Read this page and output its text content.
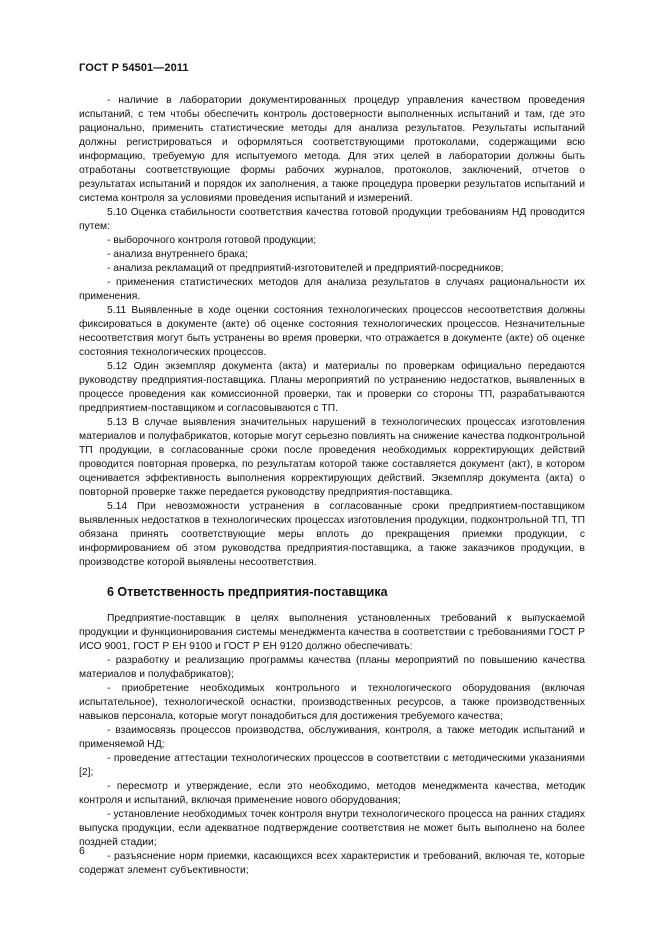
ГОСТ Р 54501—2011

- наличие в лаборатории документированных процедур управления качеством проведения испытаний, с тем чтобы обеспечить контроль достоверности выполненных испытаний и там, где это рационально, применить статистические методы для анализа результатов. Результаты испытаний должны регистрироваться и оформляться соответствующими протоколами, содержащими всю информацию, требуемую для испытуемого метода. Для этих целей в лаборатории должны быть отработаны соответствующие формы рабочих журналов, протоколов, заключений, отчетов о результатах испытаний и порядок их заполнения, а также процедура проверки результатов испытаний и система контроля за условиями проведения испытаний и измерений.

5.10 Оценка стабильности соответствия качества готовой продукции требованиям НД проводится путем:

- выборочного контроля готовой продукции;

- анализа внутреннего брака;

- анализа рекламаций от предприятий-изготовителей и предприятий-посредников;

- применения статистических методов для анализа результатов в случаях рациональности их применения.

5.11 Выявленные в ходе оценки состояния технологических процессов несоответствия должны фиксироваться в документе (акте) об оценке состояния технологических процессов. Незначительные несоответствия могут быть устранены во время проверки, что отражается в документе (акте) об оценке состояния технологических процессов.

5.12 Один экземпляр документа (акта) и материалы по проверкам официально передаются руководству предприятия-поставщика. Планы мероприятий по устранению недостатков, выявленных в процессе проведения как комиссионной проверки, так и проверки со стороны ТП, разрабатываются предприятием-поставщиком и согласовываются с ТП.

5.13 В случае выявления значительных нарушений в технологических процессах изготовления материалов и полуфабрикатов, которые могут серьезно повлиять на снижение качества подконтрольной ТП продукции, в согласованные сроки после проведения необходимых корректирующих действий проводится повторная проверка, по результатам которой также составляется документ (акт), в котором оценивается эффективность выполнения корректирующих действий. Экземпляр документа (акта) о повторной проверке также передается руководству предприятия-поставщика.

5.14 При невозможности устранения в согласованные сроки предприятием-поставщиком выявленных недостатков в технологических процессах изготовления продукции, подконтрольной ТП, ТП обязана принять соответствующие меры вплоть до прекращения приемки продукции, с информированием об этом руководства предприятия-поставщика, а также заказчиков продукции, в производстве которой выявлены несоответствия.

6 Ответственность предприятия-поставщика

Предприятие-поставщик в целях выполнения установленных требований к выпускаемой продукции и функционирования системы менеджмента качества в соответствии с требованиями ГОСТ Р ИСО 9001, ГОСТ Р ЕН 9100 и ГОСТ Р ЕН 9120 должно обеспечивать:

- разработку и реализацию программы качества (планы мероприятий по повышению качества материалов и полуфабрикатов);

- приобретение необходимых контрольного и технологического оборудования (включая испытательное), технологической оснастки, производственных ресурсов, а также производственных навыков персонала, которые могут понадобиться для достижения требуемого качества;

- взаимосвязь процессов производства, обслуживания, контроля, а также методик испытаний и применяемой НД;

- проведение аттестации технологических процессов в соответствии с методическими указаниями [2];

- пересмотр и утверждение, если это необходимо, методов менеджмента качества, методик контроля и испытаний, включая применение нового оборудования;

- установление необходимых точек контроля внутри технологического процесса на ранних стадиях выпуска продукции, если адекватное подтверждение соответствия не может быть выполнено на более поздней стадии;

- разъяснение норм приемки, касающихся всех характеристик и требований, включая те, которые содержат элемент субъективности;

6
